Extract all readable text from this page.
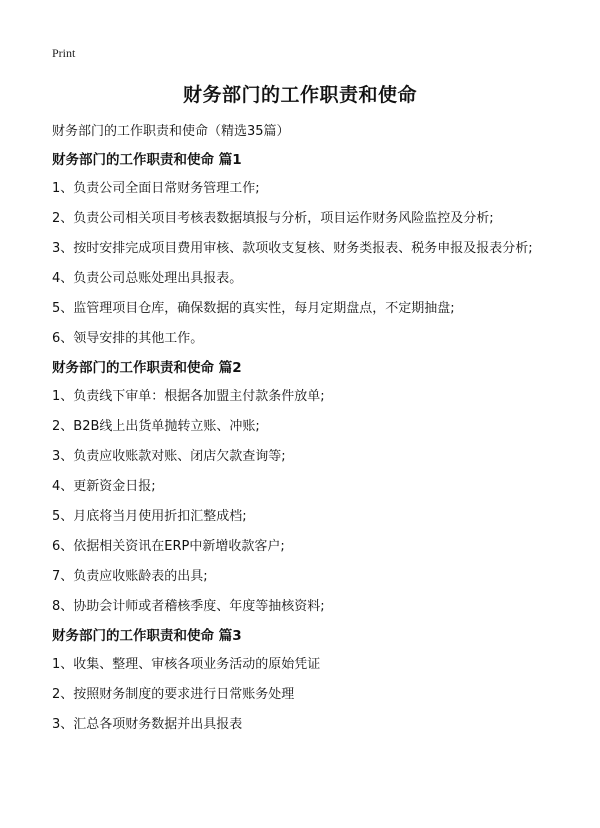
Print
财务部门的工作职责和使命
财务部门的工作职责和使命（精选35篇）

财务部门的工作职责和使命 篇1

1、负责公司全面日常财务管理工作;

2、负责公司相关项目考核表数据填报与分析，项目运作财务风险监控及分析;

3、按时安排完成项目费用审核、款项收支复核、财务类报表、税务申报及报表分析;

4、负责公司总账处理出具报表。

5、监管理项目仓库，确保数据的真实性，每月定期盘点，不定期抽盘;

6、领导安排的其他工作。

财务部门的工作职责和使命 篇2

1、负责线下审单：根据各加盟主付款条件放单;

2、B2B线上出货单抛转立账、冲账;

3、负责应收账款对账、闭店欠款查询等;

4、更新资金日报;

5、月底将当月使用折扣汇整成档;

6、依据相关资讯在ERP中新增收款客户;

7、负责应收账龄表的出具;

8、协助会计师或者稽核季度、年度等抽核资料;

财务部门的工作职责和使命 篇3

1、收集、整理、审核各项业务活动的原始凭证

2、按照财务制度的要求进行日常账务处理

3、汇总各项财务数据并出具报表
